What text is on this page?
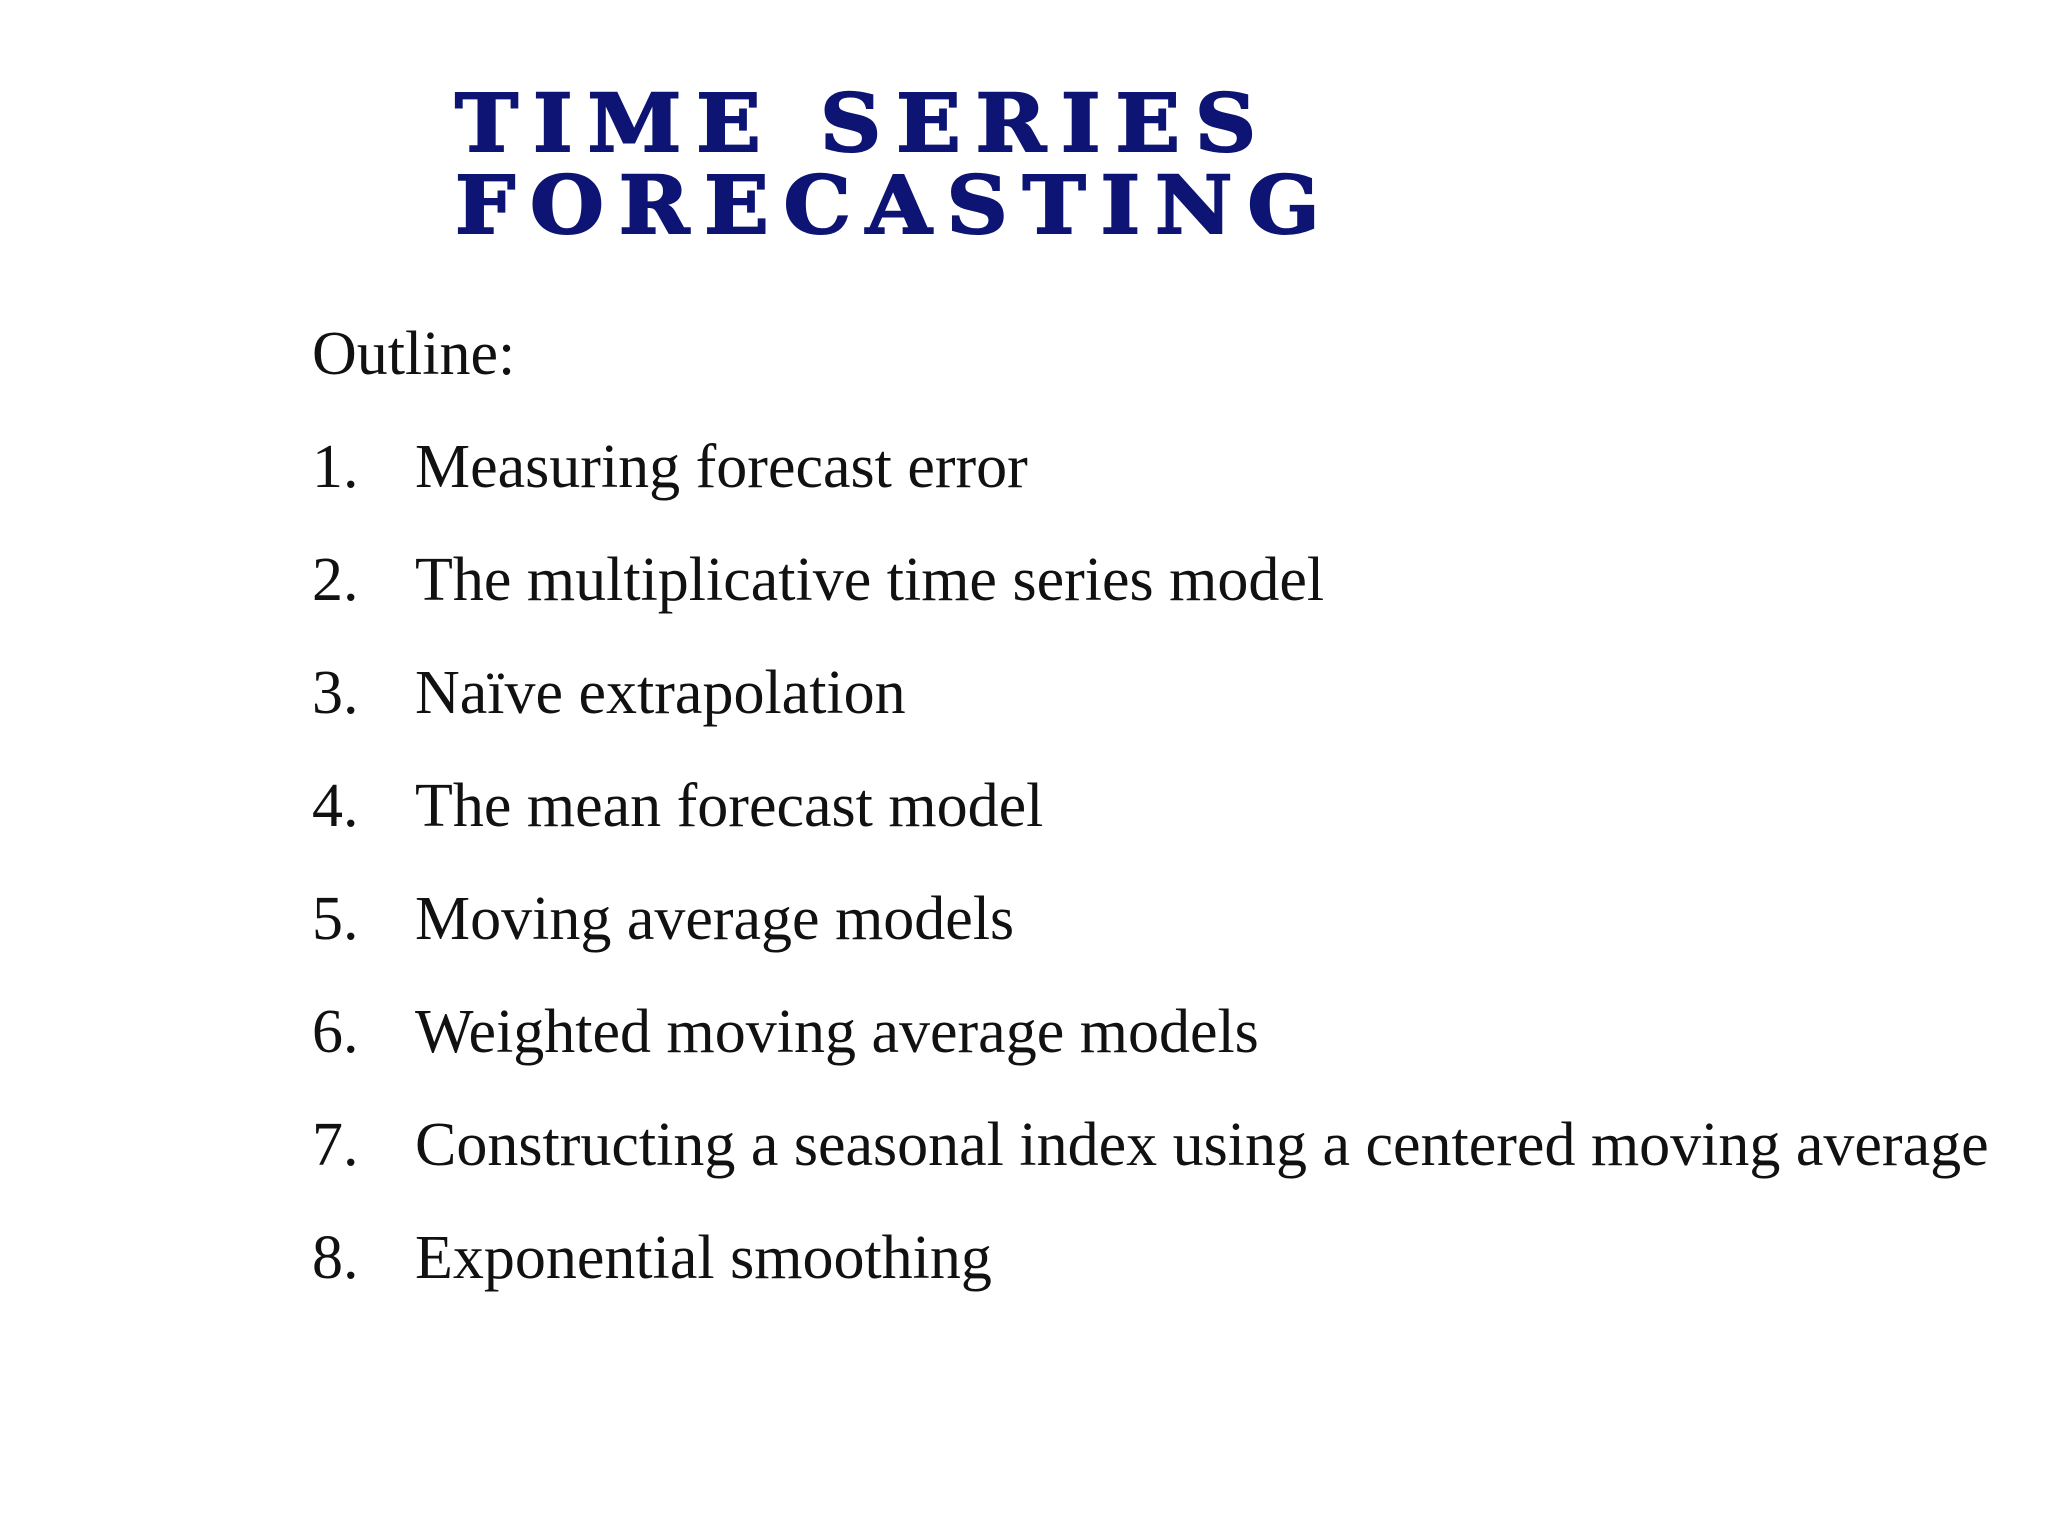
TIME SERIES
FORECASTING
Outline:
1. Measuring forecast error
2. The multiplicative time series model
3. Naïve extrapolation
4. The mean forecast model
5. Moving average models
6. Weighted moving average models
7. Constructing a seasonal index using a centered moving average
8. Exponential smoothing
